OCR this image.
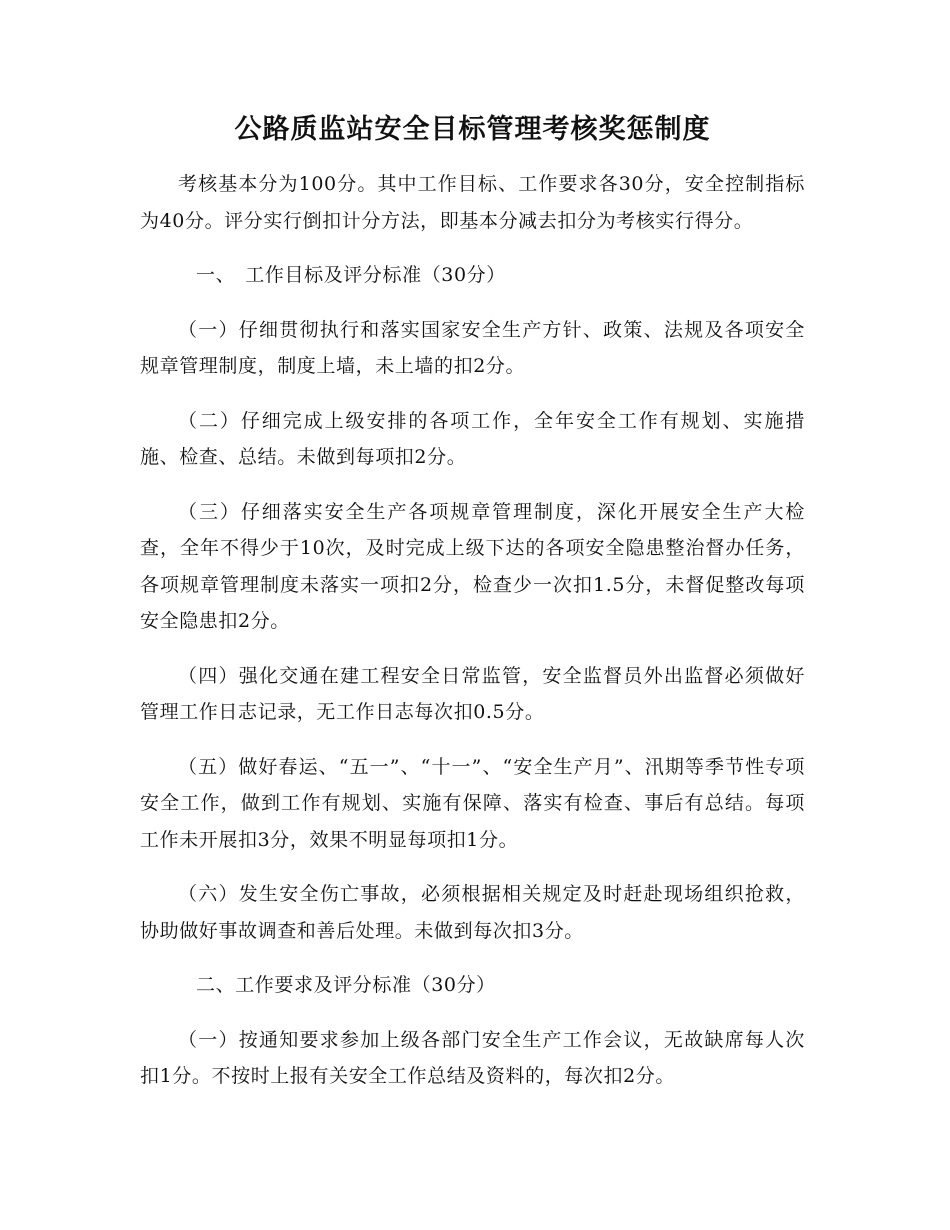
公路质监站安全目标管理考核奖惩制度

考核基本分为100分。其中工作目标、工作要求各30分，安全控制指标为40分。评分实行倒扣计分方法，即基本分减去扣分为考核实行得分。

一、　工作目标及评分标准（30分）

（一）仔细贯彻执行和落实国家安全生产方针、政策、法规及各项安全规章管理制度，制度上墙，未上墙的扣2分。

（二）仔细完成上级安排的各项工作，全年安全工作有规划、实施措施、检查、总结。未做到每项扣2分。

（三）仔细落实安全生产各项规章管理制度，深化开展安全生产大检查，全年不得少于10次，及时完成上级下达的各项安全隐患整治督办任务，各项规章管理制度未落实一项扣2分，检查少一次扣1.5分，未督促整改每项安全隐患扣2分。

（四）强化交通在建工程安全日常监管，安全监督员外出监督必须做好管理工作日志记录，无工作日志每次扣0.5分。

（五）做好春运、“五一”、“十一”、“安全生产月”、汛期等季节性专项安全工作，做到工作有规划、实施有保障、落实有检查、事后有总结。每项工作未开展扣3分，效果不明显每项扣1分。

（六）发生安全伤亡事故，必须根据相关规定及时赶赴现场组织抢救，协助做好事故调查和善后处理。未做到每次扣3分。

二、工作要求及评分标准（30分）

（一）按通知要求参加上级各部门安全生产工作会议，无故缺席每人次扣1分。不按时上报有关安全工作总结及资料的，每次扣2分。
